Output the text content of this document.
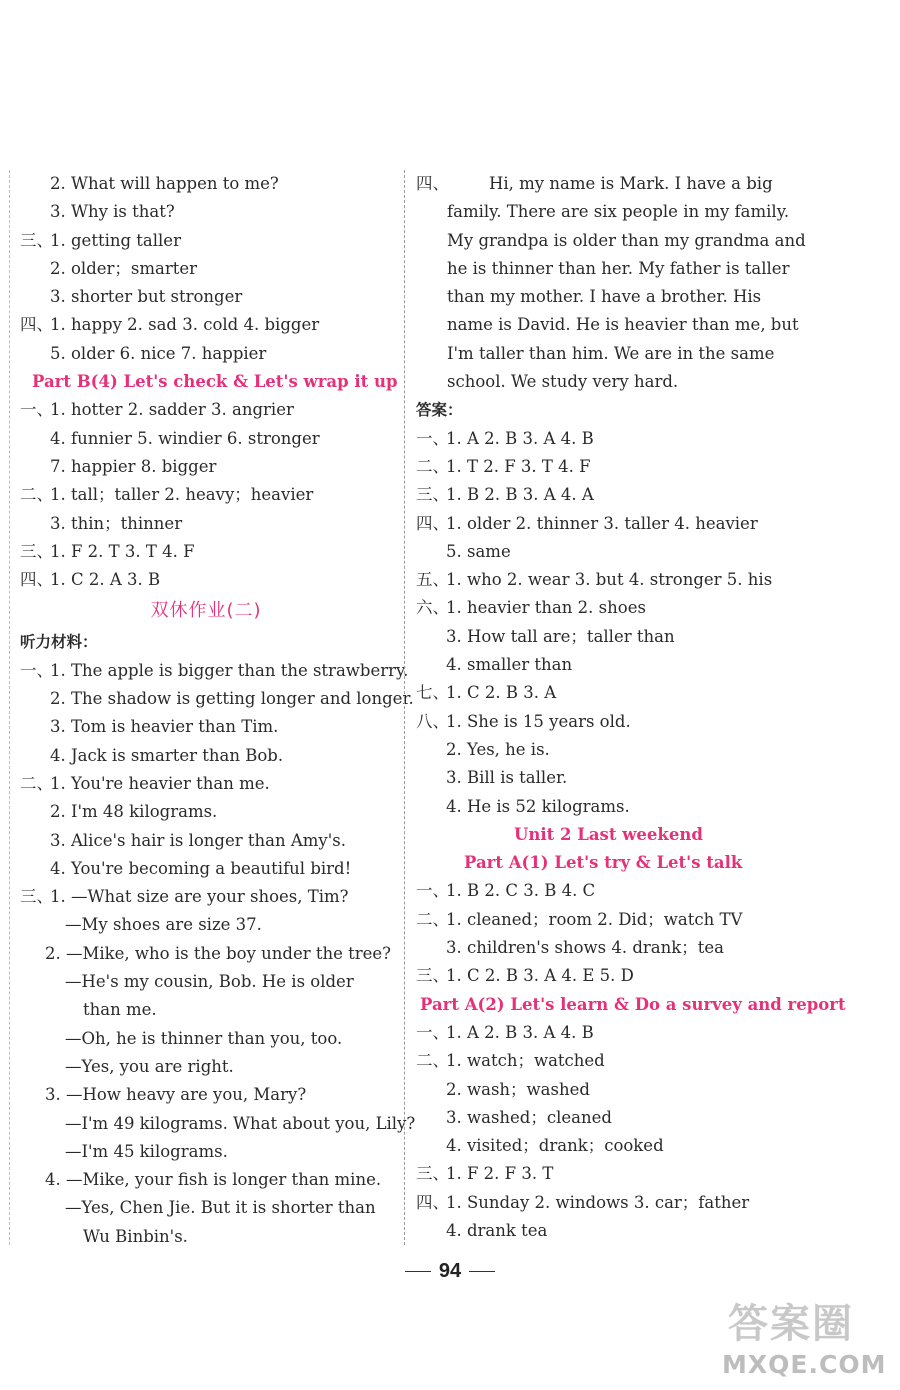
2. What will happen to me?
3. Why is that?
三、
1. getting taller
2. older；smarter
3. shorter but stronger
四、
1. happy 2. sad 3. cold 4. bigger
5. older 6. nice 7. happier
Part B(4) Let's check & Let's wrap it up
一、
1. hotter 2. sadder 3. angrier
4. funnier 5. windier 6. stronger
7. happier 8. bigger
二、
1. tall；taller 2. heavy；heavier
3. thin；thinner
三、
1. F 2. T 3. T 4. F
四、
1. C 2. A 3. B
双休作业(二)
听力材料：
一、
1. The apple is bigger than the strawberry.
2. The shadow is getting longer and longer.
3. Tom is heavier than Tim.
4. Jack is smarter than Bob.
二、
1. You're heavier than me.
2. I'm 48 kilograms.
3. Alice's hair is longer than Amy's.
4. You're becoming a beautiful bird!
三、
1. —What size are your shoes, Tim?
—My shoes are size 37.
2. —Mike, who is the boy under the tree?
—He's my cousin, Bob. He is older
than me.
—Oh, he is thinner than you, too.
—Yes, you are right.
3. —How heavy are you, Mary?
—I'm 49 kilograms. What about you, Lily?
—I'm 45 kilograms.
4. —Mike, your fish is longer than mine.
—Yes, Chen Jie. But it is shorter than
Wu Binbin's.
四、 Hi, my name is Mark. I have a big
family. There are six people in my family.
My grandpa is older than my grandma and
he is thinner than her. My father is taller
than my mother. I have a brother. His
name is David. He is heavier than me, but
I'm taller than him. We are in the same
school. We study very hard.
答案：
一、
1. A 2. B 3. A 4. B
二、
1. T 2. F 3. T 4. F
三、
1. B 2. B 3. A 4. A
四、
1. older 2. thinner 3. taller 4. heavier
5. same
五、
1. who 2. wear 3. but 4. stronger 5. his
六、
1. heavier than 2. shoes
3. How tall are；taller than
4. smaller than
七、
1. C 2. B 3. A
八、
1. She is 15 years old.
2. Yes, he is.
3. Bill is taller.
4. He is 52 kilograms.
Unit 2 Last weekend
Part A(1) Let's try & Let's talk
一、
1. B 2. C 3. B 4. C
二、
1. cleaned；room 2. Did；watch TV
3. children's shows 4. drank；tea
三、
1. C 2. B 3. A 4. E 5. D
Part A(2) Let's learn & Do a survey and report
一、
1. A 2. B 3. A 4. B
二、
1. watch；watched
2. wash；washed
3. washed；cleaned
4. visited；drank；cooked
三、
1. F 2. F 3. T
四、
1. Sunday 2. windows 3. car；father
4. drank tea
94
答案圈
MXQE.COM
